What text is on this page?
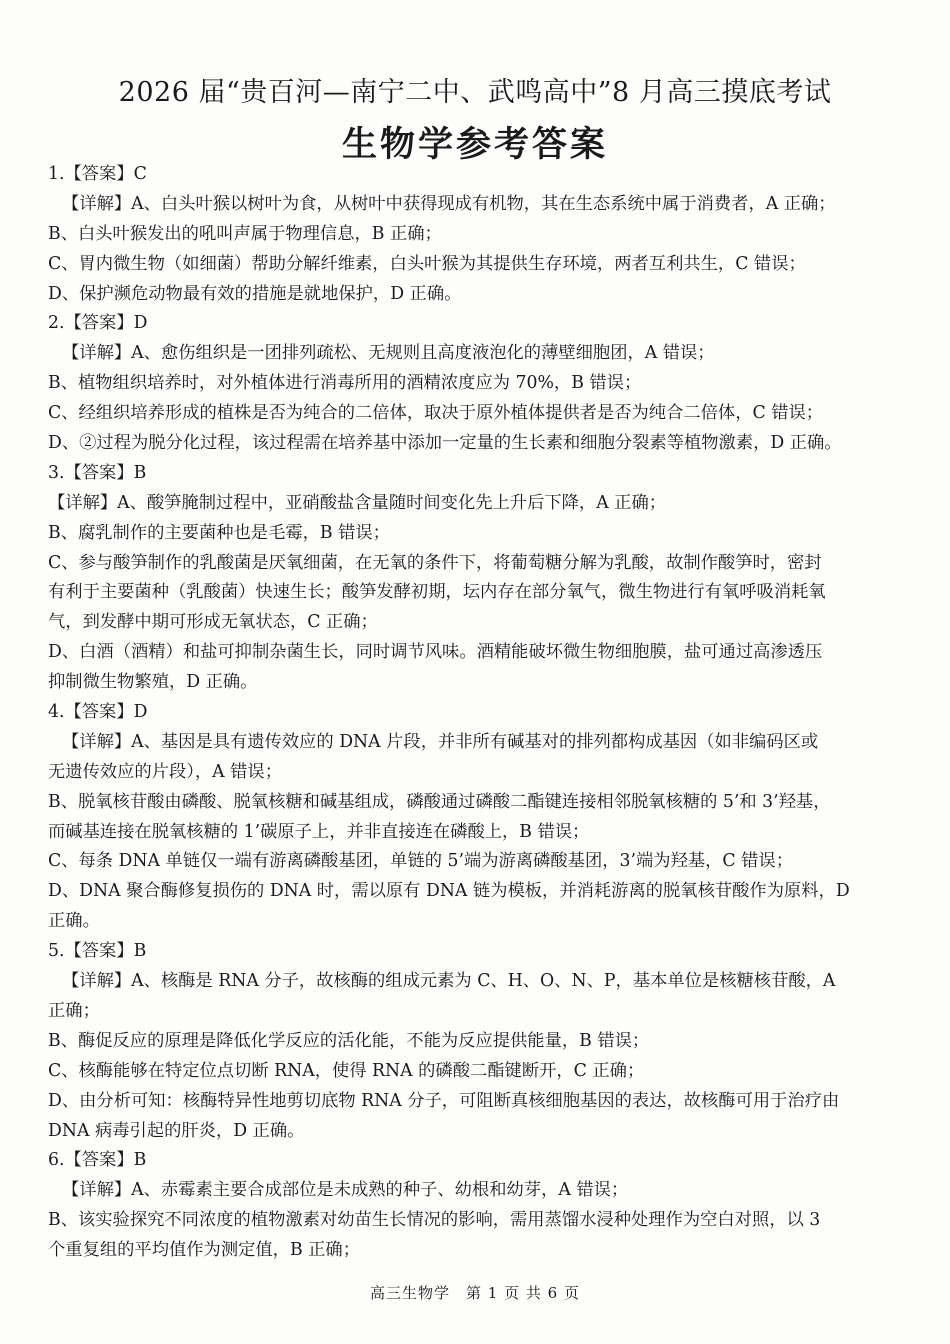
2026 届“贵百河—南宁二中、武鸣高中”8 月高三摸底考试
生物学参考答案
1.【答案】C
【详解】A、白头叶猴以树叶为食，从树叶中获得现成有机物，其在生态系统中属于消费者，A 正确；
B、白头叶猴发出的吼叫声属于物理信息，B 正确；
C、胃内微生物（如细菌）帮助分解纤维素，白头叶猴为其提供生存环境，两者互利共生，C 错误；
D、保护濒危动物最有效的措施是就地保护，D 正确。
2.【答案】D
【详解】A、愈伤组织是一团排列疏松、无规则且高度液泡化的薄壁细胞团，A 错误；
B、植物组织培养时，对外植体进行消毒所用的酒精浓度应为 70%，B 错误；
C、经组织培养形成的植株是否为纯合的二倍体，取决于原外植体提供者是否为纯合二倍体，C 错误；
D、②过程为脱分化过程，该过程需在培养基中添加一定量的生长素和细胞分裂素等植物激素，D 正确。
3.【答案】B
【详解】A、酸笋腌制过程中，亚硝酸盐含量随时间变化先上升后下降，A 正确；
B、腐乳制作的主要菌种也是毛霉，B 错误；
C、参与酸笋制作的乳酸菌是厌氧细菌，在无氧的条件下，将葡萄糖分解为乳酸，故制作酸笋时，密封
有利于主要菌种（乳酸菌）快速生长；酸笋发酵初期，坛内存在部分氧气，微生物进行有氧呼吸消耗氧
气，到发酵中期可形成无氧状态，C 正确；
D、白酒（酒精）和盐可抑制杂菌生长，同时调节风味。酒精能破坏微生物细胞膜，盐可通过高渗透压
抑制微生物繁殖，D 正确。
4.【答案】D
【详解】A、基因是具有遗传效应的 DNA 片段，并非所有碱基对的排列都构成基因（如非编码区或
无遗传效应的片段），A 错误；
B、脱氧核苷酸由磷酸、脱氧核糖和碱基组成，磷酸通过磷酸二酯键连接相邻脱氧核糖的 5’和 3’羟基，
而碱基连接在脱氧核糖的 1’碳原子上，并非直接连在磷酸上，B 错误；
C、每条 DNA 单链仅一端有游离磷酸基团，单链的 5’端为游离磷酸基团，3’端为羟基，C 错误；
D、DNA 聚合酶修复损伤的 DNA 时，需以原有 DNA 链为模板，并消耗游离的脱氧核苷酸作为原料，D
正确。
5.【答案】B
【详解】A、核酶是 RNA 分子，故核酶的组成元素为 C、H、O、N、P，基本单位是核糖核苷酸，A
正确；
B、酶促反应的原理是降低化学反应的活化能，不能为反应提供能量，B 错误；
C、核酶能够在特定位点切断 RNA，使得 RNA 的磷酸二酯键断开，C 正确；
D、由分析可知：核酶特异性地剪切底物 RNA 分子，可阻断真核细胞基因的表达，故核酶可用于治疗由
DNA 病毒引起的肝炎，D 正确。
6.【答案】B
【详解】A、赤霉素主要合成部位是未成熟的种子、幼根和幼芽，A 错误；
B、该实验探究不同浓度的植物激素对幼苗生长情况的影响，需用蒸馏水浸种处理作为空白对照，以 3
个重复组的平均值作为测定值，B 正确；
高三生物学　第 1 页 共 6 页
